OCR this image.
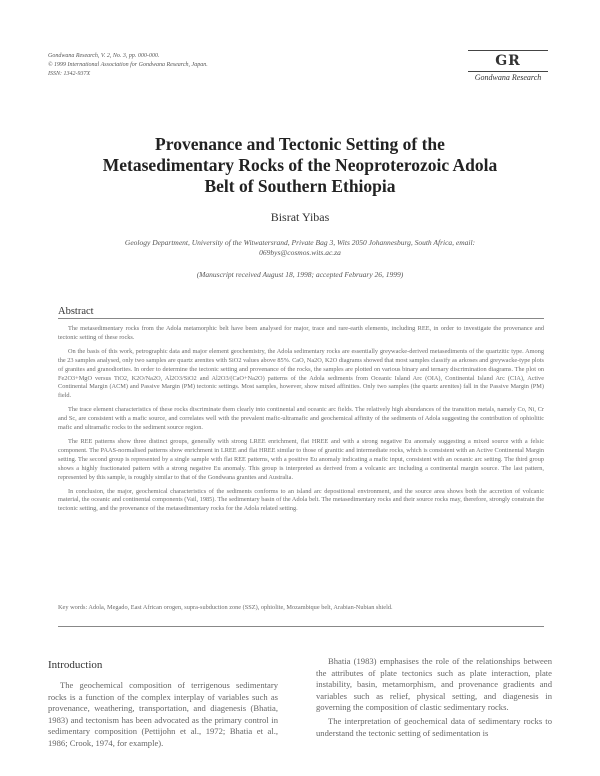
Gondwana Research, V. 2, No. 3, pp. 000-000.
© 1999 International Association for Gondwana Research, Japan.
ISSN: 1342-937X
GR
Gondwana Research
Provenance and Tectonic Setting of the Metasedimentary Rocks of the Neoproterozoic Adola Belt of Southern Ethiopia
Bisrat Yibas
Geology Department, University of the Witwatersrand, Private Bag 3, Wits 2050 Johannesburg, South Africa, email: 069bys@cosmos.wits.ac.za
(Manuscript received August 18, 1998; accepted February 26, 1999)
Abstract

The metasedimentary rocks from the Adola metamorphic belt have been analysed for major, trace and rare-earth elements, including REE, in order to investigate the provenance and tectonic setting of these rocks.

On the basis of this work, petrographic data and major element geochemistry, the Adola sedimentary rocks are essentially greywacke-derived metasediments of the quartzitic type. Among the 23 samples analysed, only two samples are quartz arenites with SiO2 values above 85%. CaO, Na2O, K2O diagrams showed that most samples classify as arkoses and greywacke-type plots of granites and granodiorites. In order to determine the tectonic setting and provenance of the rocks, the samples are plotted on various binary and ternary discrimination diagrams. The plot on Fe2O3+MgO versus TiO2, K2O/Na2O, Al2O3/SiO2 and Al2O3/(CaO+Na2O) patterns of the Adola sediments from Oceanic Island Arc (OIA), Continental Island Arc (CIA), Active Continental Margin (ACM) and Passive Margin (PM) tectonic settings. Most samples, however, show mixed affinities. Only two samples (the quartz arenites) fall in the Passive Margin (PM) field.

The trace element characteristics of these rocks discriminate them clearly into continental and oceanic arc fields. The relatively high abundances of the transition metals, namely Co, Ni, Cr and Sc, are consistent with a mafic source, and correlates well with the prevalent mafic-ultramafic and geochemical affinity of the sediments of Adola suggesting the contribution of ophiolitic mafic and ultramafic rocks to the sediment source region.

The REE patterns show three distinct groups, generally with strong LREE enrichment, flat HREE and with a strong negative Eu anomaly suggesting a mixed source with a felsic component. The PAAS-normalised patterns show enrichment in LREE and flat HREE similar to those of granitic and intermediate rocks, which is consistent with an Active Continental Margin setting. The second group is represented by a single sample with flat REE patterns, with a positive Eu anomaly indicating a mafic input, consistent with an oceanic arc setting. The third group shows a highly fractionated pattern with a strong negative Eu anomaly. This group is interpreted as derived from a volcanic arc including a continental margin source. The last pattern, represented by this sample, is roughly similar to that of the Gondwana granites and Australia.

In conclusion, the major, geochemical characteristics of the sediments conforms to an island arc depositional environment, and the source area shows both the accretion of volcanic material, the oceanic and continental components (Vail, 1985). The sedimentary basin of the Adola belt. The metasedimentary rocks and their source rocks may, therefore, strongly constrain the tectonic setting, and the provenance of the metasedimentary rocks for the Adola related setting.

Key words: Adola, Megado, East African orogen, supra-subduction zone (SSZ), ophiolite, Mozambique belt, Arabian-Nubian shield.
Introduction

The geochemical composition of terrigenous sedimentary rocks is a function of the complex interplay of variables such as provenance, weathering, transportation, and diagenesis (Bhatia, 1983) and tectonism has been advocated as the primary control in sedimentary composition (Pettijohn et al., 1972; Bhatia et al., 1986; Crook, 1974, for example).

Bhatia (1983) emphasises the role of the relationships between the attributes of plate tectonics such as plate interaction, plate instability, basin, metamorphism, and provenance gradients and variables such as relief, physical setting, and diagenesis in governing the composition of clastic sedimentary rocks.

The interpretation of geochemical data of sedimentary rocks to understand the tectonic setting of sedimentation is
